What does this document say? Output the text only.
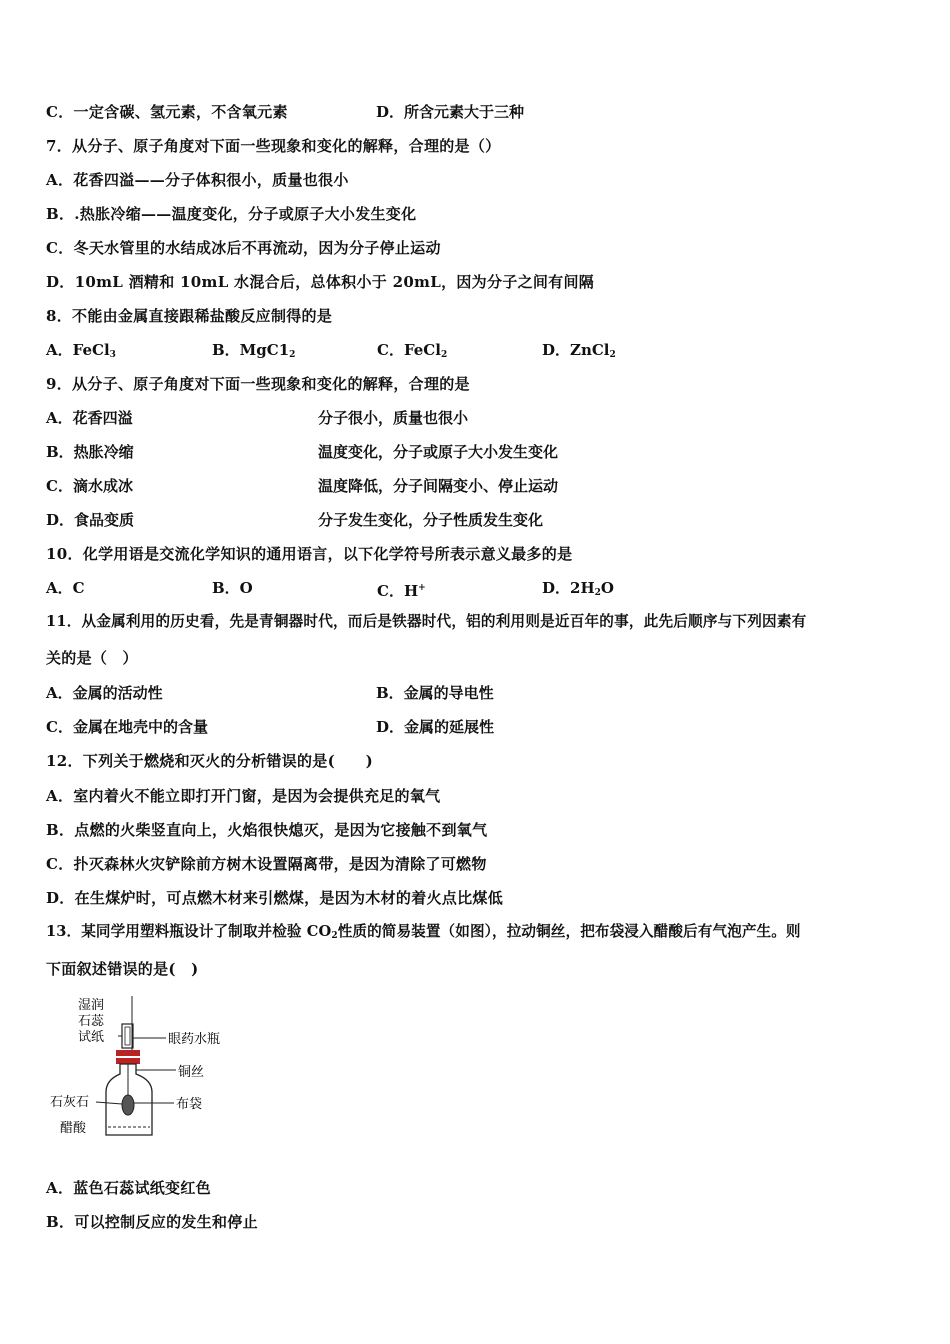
C．一定含碳、氢元素，不含氧元素	D．所含元素大于三种
7．从分子、原子角度对下面一些现象和变化的解释，合理的是（）
A．花香四溢——分子体积很小，质量也很小
B．.热胀冷缩——温度变化，分子或原子大小发生变化
C．冬天水管里的水结成冰后不再流动，因为分子停止运动
D．10mL 酒精和 10mL 水混合后，总体积小于 20mL，因为分子之间有间隔
8．不能由金属直接跟稀盐酸反应制得的是
A．FeCl$_3$	B．$MgC1_2$	C．FeCl$_2$	D．ZnCl$_2$
9．从分子、原子角度对下面一些现象和变化的解释，合理的是
A．花香四溢	分子很小，质量也很小
B．热胀冷缩	温度变化，分子或原子大小发生变化
C．滴水成冰	温度降低，分子间隔变小、停止运动
D．食品变质	分子发生变化，分子性质发生变化
10．化学用语是交流化学知识的通用语言，以下化学符号所表示意义最多的是
A．C	B．O	C．H+	D．$2H_2O$
11．从金属利用的历史看，先是青铜器时代，而后是铁器时代，铝的利用则是近百年的事，此先后顺序与下列因素有
关的是（　）
A．金属的活动性	B．金属的导电性
C．金属在地壳中的含量	D．金属的延展性
12．下列关于燃烧和灭火的分析错误的是(　　)
A．室内着火不能立即打开门窗，是因为会提供充足的氧气
B．点燃的火柴竖直向上，火焰很快熄灭，是因为它接触不到氧气
C．扑灭森林火灾铲除前方树木设置隔离带，是因为清除了可燃物
D．在生煤炉时，可点燃木材来引燃煤，是因为木材的着火点比煤低
13．某同学用塑料瓶设计了制取并检验 $CO_2$性质的简易装置（如图），拉动铜丝，把布袋浸入醋酸后有气泡产生。则
下面叙述错误的是(　)
湿润
石蕊
试纸
石灰石
醋酸
眼药水瓶
铜丝
布袋
A．蓝色石蕊试纸变红色
B．可以控制反应的发生和停止
